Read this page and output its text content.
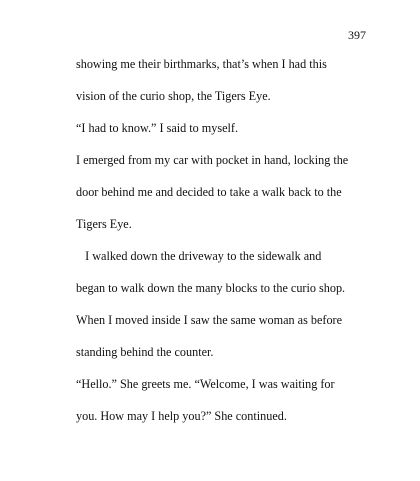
397
showing me their birthmarks, that’s when I had this
vision of the curio shop, the Tigers Eye.
“I had to know.” I said to myself.
I emerged from my car with pocket in hand, locking the
door behind me and decided to take a walk back to the
Tigers Eye.
I walked down the driveway to the sidewalk and
began to walk down the many blocks to the curio shop.
When I moved inside I saw the same woman as before
standing behind the counter.
“Hello.” She greets me. “Welcome, I was waiting for
you. How may I help you?” She continued.
